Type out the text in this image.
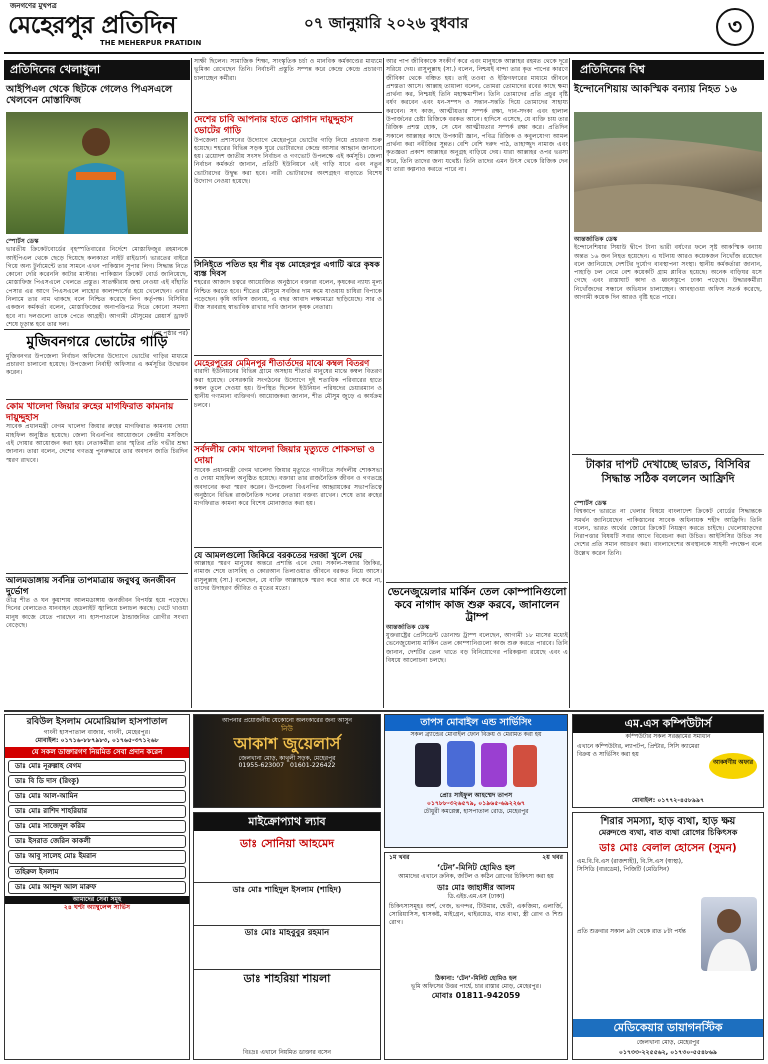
জনগণের মুখপত্র
মেহেরপুর প্রতিদিন
THE MEHERPUR PRATIDIN
০৭ জানুয়ারি ২০২৬ বুধবার	৩
প্রতিদিনের খেলাধুলা
আইপিএল থেকে ছিটকে গেলেও পিএসএলে খেলবেন মোস্তাফিজ
স্পোর্টস ডেস্ক
ভারতীয় ক্রিকেটবোর্ডের বৃহস্পতিবারের নির্দেশে মোস্তাফিজুর রহমানকে আইপিএল থেকে ছেড়ে দিয়েছে কলকাতা নাইট রাইডার্স। ভারতের বাইরে গিয়ে অন্য টুর্নামেন্টে তার সামনে এখন পাকিস্তান সুপার লিগ। সিদ্ধান্ত নিতে কোনো দেরি করেননি কাটার মাস্টার। পাকিস্তান ক্রিকেট বোর্ড জানিয়েছে, মোস্তাফিজ পিএসএলে খেলতে প্রস্তুত। সাতক্ষীরায় জন্ম নেওয়া এই বাঁহাতি পেসার এর আগে পিএসএলে লাহোর কালান্দার্সের হয়ে খেলেছেন। এবার নিলামে তার নাম থাকছে বলে নিশ্চিত করেছে লিগ কর্তৃপক্ষ। বিসিবির একজন কর্মকর্তা বলেন, মোস্তাফিজের অনাপত্তিপত্র দিতে কোনো সমস্যা হবে না। দলগুলো তাকে পেতে আগ্রহী। আগামী মৌসুমের প্লেয়ার্স ড্রাফট শেষে চূড়ান্ত হবে তার দল।
(৩য় পৃষ্ঠার পর)
সাক্ষী ছিলেন। সামাজিক শিক্ষা, সাংস্কৃতিক চর্চা ও মানবিক কর্মকাণ্ডের মাধ্যমে ভূমিকা রেখেছেন তিনি। নির্বাচনী প্রস্তুতি সম্পন্ন করে কেন্দ্রে কেন্দ্রে প্রচারণা চালাচ্ছেন কর্মীরা।
দেশের চাবি আপনার হাতে স্লোগান দায়ুদ্দুহাস ভোটের গাড়ি
উপজেলা প্রশাসনের উদ্যোগে মেহেরপুরে ভোটের গাড়ি নিয়ে প্রচারণা শুরু হয়েছে। শহরের বিভিন্ন সড়ক ঘুরে ভোটারদের কেন্দ্রে আসার আহ্বান জানানো হয়। ত্রয়োদশ জাতীয় সংসদ নির্বাচন ও গণভোট উপলক্ষে এই কর্মসূচি। জেলা নির্বাচন কর্মকর্তা জানান, প্রতিটি ইউনিয়নে এই গাড়ি যাবে এবং নতুন ভোটারদের উদ্বুদ্ধ করা হবে। নারী ভোটারদের অংশগ্রহণ বাড়াতে বিশেষ উদ্যোগ নেওয়া হয়েছে।
সিনিইতে পতিত হয় শীর বৃন্ত মোহেরপুর এগাটি ঝরে কৃষক ব্যস্ত দিবস
শহরের আজাদ চত্বরে আয়োজিত অনুষ্ঠানে বক্তারা বলেন, কৃষকের ন্যায্য মূল্য নিশ্চিত করতে হবে। শীতের মৌসুমে সবজির দাম কমে যাওয়ায় চাষিরা বিপাকে পড়েছেন। কৃষি অফিস জানায়, এ বছর আবাদ লক্ষ্যমাত্রা ছাড়িয়েছে। সার ও বীজ সরবরাহ স্বাভাবিক রাখার দাবি জানান কৃষক নেতারা।
মেহেরপুরের মেমিনপুর শীতার্তদের মাঝে কম্বল বিতরণ
বারাদী ইউনিয়নের বিভিন্ন গ্রামে অসহায় শীতার্ত মানুষের মাঝে কম্বল বিতরণ করা হয়েছে। বেসরকারি সংগঠনের উদ্যোগে দুই শতাধিক পরিবারের হাতে কম্বল তুলে দেওয়া হয়। উপস্থিত ছিলেন ইউনিয়ন পরিষদের চেয়ারম্যান ও স্থানীয় গণ্যমান্য ব্যক্তিবর্গ। আয়োজকরা জানান, শীত মৌসুম জুড়ে এ কার্যক্রম চলবে।
সর্বদলীয় কোম খালেদা জিয়ার মৃত্যুতে শোকসভা ও দোয়া
সাবেক প্রধানমন্ত্রী বেগম খালেদা জিয়ার মৃত্যুতে গাংনীতে সর্বদলীয় শোকসভা ও দোয়া মাহফিল অনুষ্ঠিত হয়েছে। বক্তারা তার রাজনৈতিক জীবন ও গণতন্ত্রে অবদানের কথা স্মরণ করেন। উপজেলা বিএনপির আহ্বায়কের সভাপতিত্বে অনুষ্ঠানে বিভিন্ন রাজনৈতিক দলের নেতারা বক্তব্য রাখেন। শেষে তার রুহের মাগফিরাত কামনা করে বিশেষ মোনাজাত করা হয়।
যে আমলগুলো জিকিরে বরকতের দরজা খুলে দেয়
আল্লাহর স্মরণ মানুষের অন্তরে প্রশান্তি এনে দেয়। সকাল-সন্ধ্যার জিকির, নামাজ শেষে তাসবিহ ও কোরআন তিলাওয়াত জীবনে বরকত নিয়ে আসে। রাসুলুল্লাহ (সা.) বলেছেন, যে ব্যক্তি আল্লাহকে স্মরণ করে আর যে করে না, তাদের উদাহরণ জীবিত ও মৃতের মতো।
মুজিবনগরে ভোটের গাড়ি
মুজিবনগর উপজেলা নির্বাচন অফিসের উদ্যোগে ভোটের গাড়ির মাধ্যমে প্রচারণা চালানো হয়েছে। উপজেলা নির্বাহী অফিসার এ কর্মসূচির উদ্বোধন করেন।
কোম খালেদা জিয়ার রুহের মাগফিরাত কামনায় দায়ুদ্দুহাস
সাবেক প্রধানমন্ত্রী বেগম খালেদা জিয়ার রুহের মাগফিরাত কামনায় দোয়া মাহফিল অনুষ্ঠিত হয়েছে। জেলা বিএনপির আয়োজনে কেন্দ্রীয় মসজিদে এই দোয়ার আয়োজন করা হয়। নেতাকর্মীরা তার স্মৃতির প্রতি গভীর শ্রদ্ধা জানান। তারা বলেন, দেশের গণতন্ত্র পুনরুদ্ধারে তার অবদান জাতি চিরদিন স্মরণ রাখবে।
আলমডাঙ্গায় সর্বনিম্ন তাপমাত্রায় জবুথবু জনজীবন দুর্ভোগ
তীব্র শীত ও ঘন কুয়াশায় আলমডাঙ্গায় জনজীবন বিপর্যস্ত হয়ে পড়েছে। দিনের বেলাতেও যানবাহন হেডলাইট জ্বালিয়ে চলাচল করছে। খেটে খাওয়া মানুষ কাজে যেতে পারছেন না। হাসপাতালে ঠান্ডাজনিত রোগীর সংখ্যা বেড়েছে।
আর পাপ জীবিকাকে সংকীর্ণ করে এবং মানুষকে আল্লাহর রহমত থেকে দূরে সরিয়ে দেয়। রাসুলুল্লাহ (সা.) বলেন, নিশ্চয়ই বান্দা তার কৃত পাপের কারণে জীবিকা থেকে বঞ্চিত হয়। তাই তওবা ও ইস্তিগফারের মাধ্যমে জীবনে প্রশস্ততা আসে। আল্লাহ তায়ালা বলেন, তোমরা তোমাদের রবের কাছে ক্ষমা প্রার্থনা কর, নিশ্চয়ই তিনি মহাক্ষমাশীল। তিনি তোমাদের প্রতি প্রচুর বৃষ্টি বর্ষণ করবেন এবং ধন-সম্পদ ও সন্তান-সন্ততি দিয়ে তোমাদের সাহায্য করবেন। সৎ কাজ, আত্মীয়তার সম্পর্ক রক্ষা, দান-সদকা এবং হালাল উপার্জনের চেষ্টা রিজিকে বরকত আনে। হাদিসে এসেছে, যে ব্যক্তি চায় তার রিজিক প্রশস্ত হোক, সে যেন আত্মীয়তার সম্পর্ক রক্ষা করে। প্রতিদিন সকালে আল্লাহর কাছে উপকারী জ্ঞান, পবিত্র রিজিক ও কবুলযোগ্য আমল প্রার্থনা করা নবীজির সুন্নত। বেশি বেশি দরুদ পাঠ, তাহাজ্জুদ নামাজ এবং কৃতজ্ঞতা প্রকাশ আল্লাহর অনুগ্রহ বাড়িয়ে দেয়। যারা আল্লাহর ওপর ভরসা করে, তিনি তাদের জন্য যথেষ্ট। তিনি তাদের এমন উৎস থেকে রিজিক দেন যা তারা কল্পনাও করতে পারে না।
ভেনেজুয়েলার মার্কিন তেল কোম্পানিগুলো কবে নাগাদ কাজ শুরু করবে, জানালেন ট্রাম্প
আন্তর্জাতিক ডেস্ক
যুক্তরাষ্ট্রের প্রেসিডেন্ট ডোনাল্ড ট্রাম্প বলেছেন, আগামী ১৮ মাসের মধ্যেই ভেনেজুয়েলায় মার্কিন তেল কোম্পানিগুলো কাজ শুরু করতে পারবে। তিনি জানান, দেশটির তেল খাতে বড় বিনিয়োগের পরিকল্পনা রয়েছে এবং এ বিষয়ে আলোচনা চলছে।
প্রতিদিনের বিশ্ব
ইন্দোনেশিয়ায় আকস্মিক বন্যায় নিহত ১৬
আন্তর্জাতিক ডেস্ক
ইন্দোনেশিয়ার সিয়াউ দ্বীপে টানা ভারী বর্ষণের ফলে সৃষ্ট আকস্মিক বন্যায় অন্তত ১৬ জন নিহত হয়েছেন। এ ঘটনায় আরও কয়েকজন নিখোঁজ রয়েছেন বলে জানিয়েছে দেশটির দুর্যোগ ব্যবস্থাপনা সংস্থা। স্থানীয় কর্মকর্তারা জানান, পাহাড়ি ঢল নেমে বেশ কয়েকটি গ্রাম প্লাবিত হয়েছে। অনেক বাড়িঘর ধসে গেছে এবং রাস্তাঘাট কাদা ও ধ্বংসস্তূপে ঢাকা পড়েছে। উদ্ধারকর্মীরা নিখোঁজদের সন্ধানে অভিযান চালাচ্ছেন। আবহাওয়া অফিস সতর্ক করেছে, আগামী কয়েক দিন আরও বৃষ্টি হতে পারে।
টাকার দাপট দেখাচ্ছে ভারত, বিসিবির সিদ্ধান্ত সঠিক বললেন আফ্রিদি
স্পোর্টস ডেস্ক
বিশ্বকাপে ভারতে না খেলার বিষয়ে বাংলাদেশ ক্রিকেট বোর্ডের সিদ্ধান্তকে সমর্থন জানিয়েছেন পাকিস্তানের সাবেক অধিনায়ক শহীদ আফ্রিদি। তিনি বলেন, ভারত অর্থের জোরে ক্রিকেট নিয়ন্ত্রণ করতে চাইছে। খেলোয়াড়দের নিরাপত্তার বিষয়টি সবার আগে বিবেচনা করা উচিত। আইসিসির উচিত সব দেশের প্রতি সমান আচরণ করা। বাংলাদেশের অবস্থানকে সাহসী পদক্ষেপ বলে উল্লেখ করেন তিনি।
রবিউল ইসলাম মেমোরিয়াল হাসপাতাল
গাংনী হাসপাতাল বাজার, গাংনী, মেহেরপুর।
মোবাইল: ০১৭১৬-৮৮৭৯৮৩, ০১৭৬৫-৩৭১২৬৮
যে সকল ডাক্তারগণ নিয়মিত সেবা প্রদান করেন
ডাঃ মোঃ নূরুল্লাহ বেগম
ডাঃ বি ডি দাস (রিংকু)
ডাঃ মোঃ আল-আমিন
ডাঃ মোঃ রাশিদ শাহরিয়ার
ডাঃ মোঃ সাজেদুল করিম
ডাঃ ইসরাত জেরিন কাকলী
ডাঃ আবু সালেহ মোঃ ইমরান
তহিরুল ইসলাম
ডাঃ মোঃ আব্দুল আল মারুফ
আমাদের সেবা সমূহ
২৪ ঘণ্টা অ্যাম্বুলেন্স সার্ভিস
আপনার প্রয়োজনীয় যেকোনো অলংকারের জন্য আসুন
নিউ
আকাশ জুয়েলার্স
জেলখানা মোড়, কাথুলী সড়ক, মেহেরপুর
01955-623007 01601-226422
মাইক্রোপ্যাথ ল্যাব
ডাঃ সোনিয়া আহমেদ
ডাঃ মোঃ শাহিদুল ইসলাম (শাহিদ)
ডাঃ মোঃ মাহবুবুর রহমান
ডাঃ শাহরিয়া শায়লা
বিঃদ্রঃ এখানে নিয়মিত ডাক্তার বসেন
তাপস মোবাইল এন্ড সার্ভিসিং
সকল ব্র্যান্ডের মোবাইল ফোন বিক্রয় ও মেরামত করা হয়
প্রোঃ সাইফুল আহম্মেদ তাপস
০১৭৮৮-৩২৬৫৭৯, ০১৯৬৫-৬৯২২৬৭
চৌধুরী কমপ্লেক্স, হাসপাতাল রোড, মেহেরপুর
১ম খবর	২য় খবর
‘টেন’-মিনিট হোমিও হল
আমাদের এখানে ক্রনিক, জটিল ও কঠিন রোগের চিকিৎসা করা হয়
ডাঃ মোঃ জাহাঙ্গীর আলম
ডি.এইচ.এম.এস (ঢাকা)
চিকিৎসাসমূহঃ অর্শ, গেজ, ভগন্দর, টিউমার, শ্বেতী, একজিমা, এলার্জি, সোরিয়াসিস, শ্বাসকষ্ট, মাইগ্রেন, থাইরয়েড, বাত ব্যথা, স্ত্রী রোগ ও শিশু রোগ।
ঠিকানা: ‘টেন’-মিনিট হোমিও হল
ভূমি অফিসের উত্তর পার্শ্বে, চার রাস্তার মোড়, মেহেরপুর।
মোবাঃ 01811-942059
এম.এস কম্পিউটার্স
কম্পিউটার সকল সরঞ্জামের সমাধান
এখানে কম্পিউটার, ল্যাপটপ, প্রিন্টার, সিসি ক্যামেরা বিক্রয় ও সার্ভিসিং করা হয়
আকর্ষণীয় অফার
মোবাইল: ০১৭৭২-৪৫৮৯৯৭
শিরার সমস্যা, হাড় ব্যথা, হাড় ক্ষয়
মেরুদণ্ডে ব্যথা, বাত ব্যথা রোগের চিকিৎসক
ডাঃ মোঃ বেলাল হোসেন (সুমন)
এম.বি.বি.এস (রাজশাহী), বি.সি.এস (স্বাস্থ্য), সিসিডি (বারডেম), পিজিটি (মেডিসিন)
প্রতি শুক্রবার সকাল ৯টা থেকে রাত ৮টা পর্যন্ত
মেডিকেয়ার ডায়াগনস্টিক
জেলখানা মোড়, মেহেরপুর
০১৭৩৩-২২৫৫৬২, ০১৭৩০-৫৫৪৮৬৯
